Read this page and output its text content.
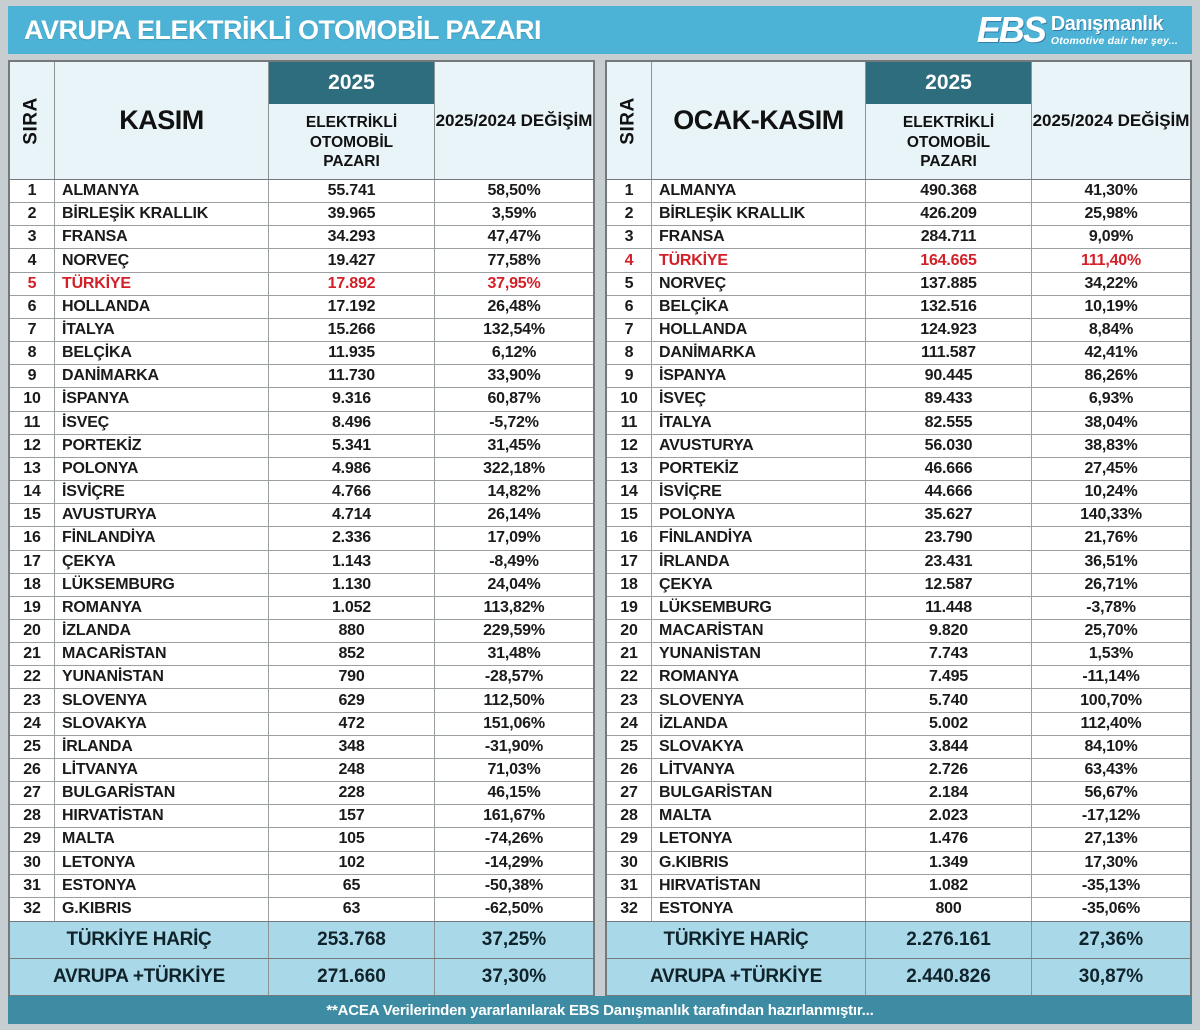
AVRUPA ELEKTRİKLİ OTOMOBİL PAZARI	EBS Danışmanlık
Otomotive dair her şey...
SIRA	KASIM
2025
ELEKTRİKLİ OTOMOBİL PAZARI
2025/2024 DEĞİŞİM
1	ALMANYA	55.741	58,50%
2	BİRLEŞİK KRALLIK	39.965	3,59%
3	FRANSA	34.293	47,47%
4	NORVEÇ	19.427	77,58%
5	TÜRKİYE	17.892	37,95%
6	HOLLANDA	17.192	26,48%
7	İTALYA	15.266	132,54%
8	BELÇİKA	11.935	6,12%
9	DANİMARKA	11.730	33,90%
10	İSPANYA	9.316	60,87%
11	İSVEÇ	8.496	-5,72%
12	PORTEKİZ	5.341	31,45%
13	POLONYA	4.986	322,18%
14	İSVİÇRE	4.766	14,82%
15	AVUSTURYA	4.714	26,14%
16	FİNLANDİYA	2.336	17,09%
17	ÇEKYA	1.143	-8,49%
18	LÜKSEMBURG	1.130	24,04%
19	ROMANYA	1.052	113,82%
20	İZLANDA	880	229,59%
21	MACARİSTAN	852	31,48%
22	YUNANİSTAN	790	-28,57%
23	SLOVENYA	629	112,50%
24	SLOVAKYA	472	151,06%
25	İRLANDA	348	-31,90%
26	LİTVANYA	248	71,03%
27	BULGARİSTAN	228	46,15%
28	HIRVATİSTAN	157	161,67%
29	MALTA	105	-74,26%
30	LETONYA	102	-14,29%
31	ESTONYA	65	-50,38%
32	G.KIBRIS	63	-62,50%
TÜRKİYE HARİÇ	253.768	37,25%
AVRUPA +TÜRKİYE	271.660	37,30%
SIRA OCAK-KASIM
2025
ELEKTRİKLİ OTOMOBİL PAZARI
2025/2024 DEĞİŞİM
1	ALMANYA	490.368	41,30%
2	BİRLEŞİK KRALLIK	426.209	25,98%
3	FRANSA	284.711	9,09%
4	TÜRKİYE	164.665	111,40%
5	NORVEÇ	137.885	34,22%
6	BELÇİKA	132.516	10,19%
7	HOLLANDA	124.923	8,84%
8	DANİMARKA	111.587	42,41%
9	İSPANYA	90.445	86,26%
10	İSVEÇ	89.433	6,93%
11	İTALYA	82.555	38,04%
12	AVUSTURYA	56.030	38,83%
13	PORTEKİZ	46.666	27,45%
14	İSVİÇRE	44.666	10,24%
15	POLONYA	35.627	140,33%
16	FİNLANDİYA	23.790	21,76%
17	İRLANDA	23.431	36,51%
18	ÇEKYA	12.587	26,71%
19	LÜKSEMBURG	11.448	-3,78%
20	MACARİSTAN	9.820	25,70%
21	YUNANİSTAN	7.743	1,53%
22	ROMANYA	7.495	-11,14%
23	SLOVENYA	5.740	100,70%
24	İZLANDA	5.002	112,40%
25	SLOVAKYA	3.844	84,10%
26	LİTVANYA	2.726	63,43%
27	BULGARİSTAN	2.184	56,67%
28	MALTA	2.023	-17,12%
29	LETONYA	1.476	27,13%
30	G.KIBRIS	1.349	17,30%
31	HIRVATİSTAN	1.082	-35,13%
32	ESTONYA	800	-35,06%
TÜRKİYE HARİÇ	2.276.161	27,36%
AVRUPA +TÜRKİYE	2.440.826	30,87%
**ACEA Verilerinden yararlanılarak EBS Danışmanlık tarafından hazırlanmıştır...
